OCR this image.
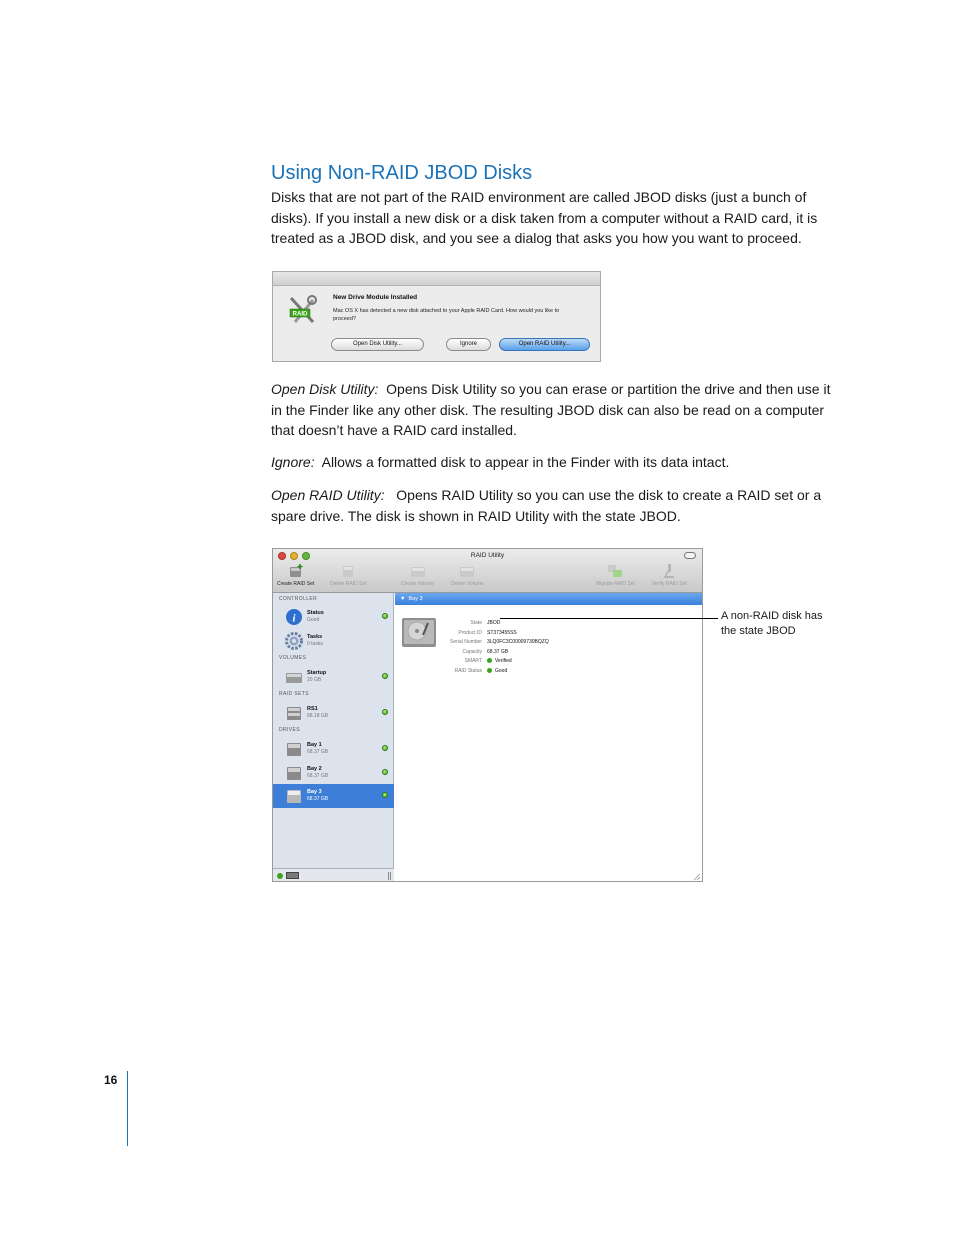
Using Non-RAID JBOD Disks

Disks that are not part of the RAID environment are called JBOD disks (just a bunch of disks). If you install a new disk or a disk taken from a computer without a RAID card, it is treated as a JBOD disk, and you see a dialog that asks you how you want to proceed.

RAID
New Drive Module Installed
Mac OS X has detected a new disk attached to your Apple RAID Card. How would you like to proceed?
Open Disk Utility...	Ignore	Open RAID Utility...

Open Disk Utility: Opens Disk Utility so you can erase or partition the drive and then use it in the Finder like any other disk. The resulting JBOD disk can also be read on a computer that doesn’t have a RAID card installed.

Ignore: Allows a formatted disk to appear in the Finder with its data intact.

Open RAID Utility: Opens RAID Utility so you can use the disk to create a RAID set or a spare drive. The disk is shown in RAID Utility with the state JBOD.

RAID Utility
Create RAID Set	Delete RAID Set	Create Volume	Delete Volume	Migrate RAID Set	Verify RAID Set
CONTROLLER
i Status
Good
Tasks
0 tasks
VOLUMES
Startup
20 GB
RAID SETS
RS1
68.18 GB
DRIVES
Bay 1
68.37 GB
Bay 2
68.37 GB
Bay 3
68.37 GB
▼  Bay 3
State JBOD
Product ID ST373455SS
Serial Number 3LQ0FC3C00009730BQZQ
Capacity 68.37 GB
SMART	Verified
RAID Status	Good
A non-RAID disk has the state JBOD
16
